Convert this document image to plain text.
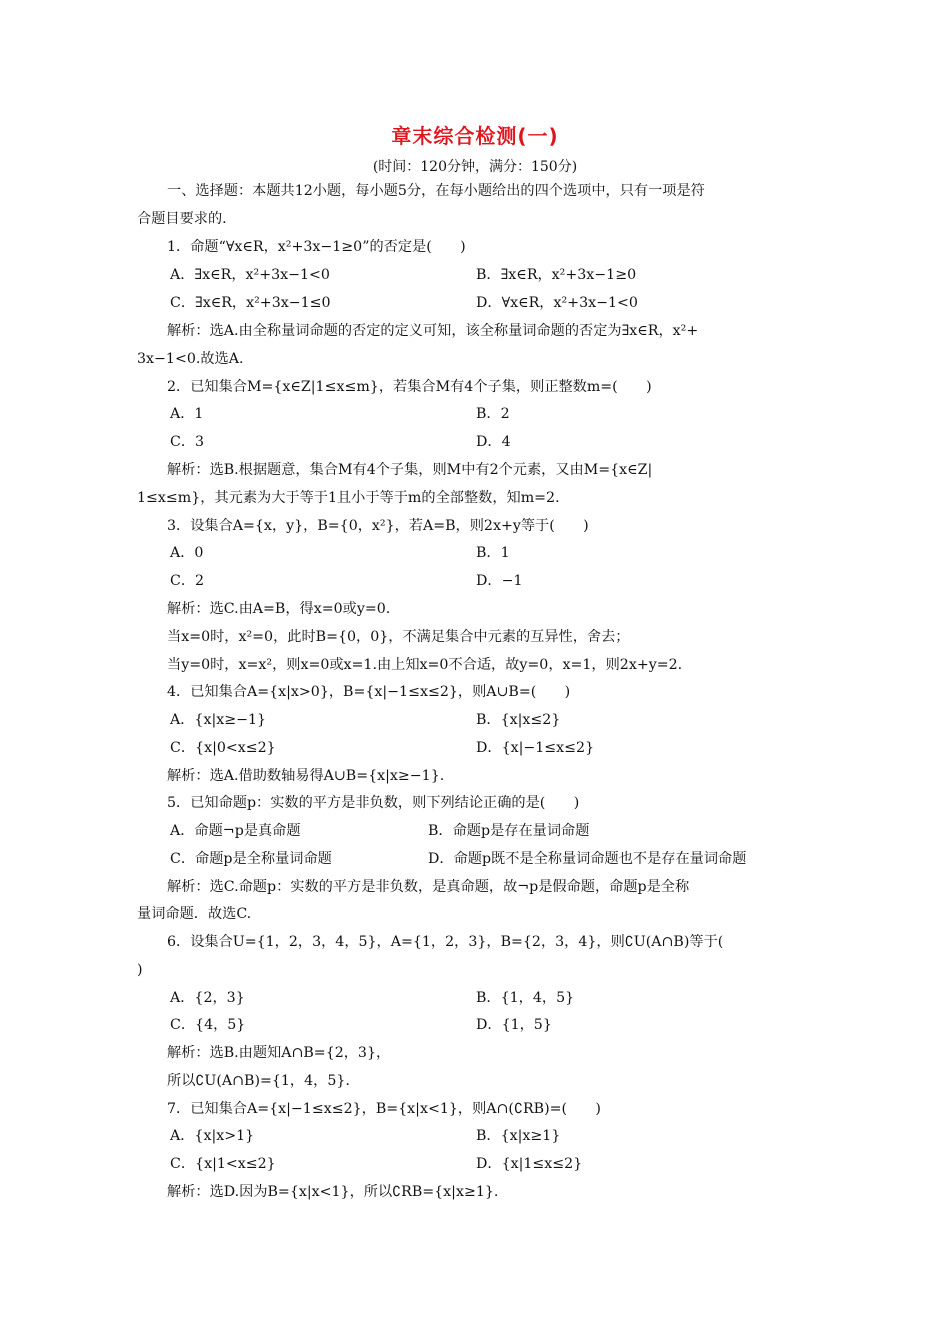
章末综合检测(一)
(时间：120分钟，满分：150分)
一、选择题：本题共12小题，每小题5分，在每小题给出的四个选项中，只有一项是符
合题目要求的.
1．命题“∀x∈R，x²+3x−1≥0”的否定是(　　)
A．∃x∈R，x²+3x−1<0	B．∃x∈R，x²+3x−1≥0
C．∃x∈R，x²+3x−1≤0	D．∀x∈R，x²+3x−1<0
解析：选A.由全称量词命题的否定的定义可知，该全称量词命题的否定为∃x∈R，x²+
3x−1<0.故选A.
2．已知集合M={x∈Z|1≤x≤m}，若集合M有4个子集，则正整数m=(　　)
A．1	B．2
C．3	D．4
解析：选B.根据题意，集合M有4个子集，则M中有2个元素，又由M={x∈Z|
1≤x≤m}，其元素为大于等于1且小于等于m的全部整数，知m=2.
3．设集合A={x，y}，B={0，x²}，若A=B，则2x+y等于(　　)
A．0	B．1
C．2	D．−1
解析：选C.由A=B，得x=0或y=0.
当x=0时，x²=0，此时B={0，0}，不满足集合中元素的互异性，舍去；
当y=0时，x=x²，则x=0或x=1.由上知x=0不合适，故y=0，x=1，则2x+y=2.
4．已知集合A={x|x>0}，B={x|−1≤x≤2}，则A∪B=(　　)
A．{x|x≥−1}	B．{x|x≤2}
C．{x|0<x≤2}	D．{x|−1≤x≤2}
解析：选A.借助数轴易得A∪B={x|x≥−1}.
5．已知命题p：实数的平方是非负数，则下列结论正确的是(　　)
A．命题¬p是真命题	B．命题p是存在量词命题
C．命题p是全称量词命题	D．命题p既不是全称量词命题也不是存在量词命题
解析：选C.命题p：实数的平方是非负数，是真命题，故¬p是假命题，命题p是全称
量词命题．故选C.
6．设集合U={1，2，3，4，5}，A={1，2，3}，B={2，3，4}，则∁U(A∩B)等于(
)
A．{2，3}	B．{1，4，5}
C．{4，5}	D．{1，5}
解析：选B.由题知A∩B={2，3}，
所以∁U(A∩B)={1，4，5}.
7．已知集合A={x|−1≤x≤2}，B={x|x<1}，则A∩(∁RB)=(　　)
A．{x|x>1}	B．{x|x≥1}
C．{x|1<x≤2}	D．{x|1≤x≤2}
解析：选D.因为B={x|x<1}，所以∁RB={x|x≥1}.
